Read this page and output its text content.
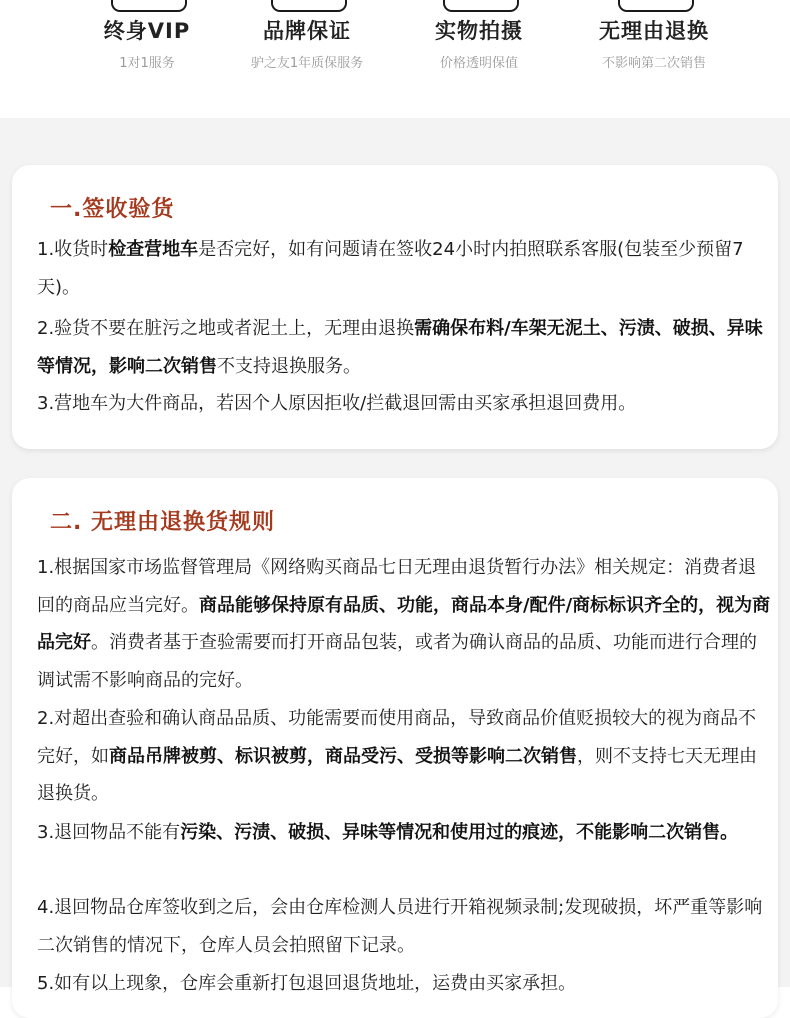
终身VIP
1对1服务
品牌保证
驴之友1年质保服务
实物拍摄
价格透明保值
无理由退换
不影响第二次销售
一.签收验货
1.收货时检查营地车是否完好，如有问题请在签收24小时内拍照联系客服(包装至少预留7天)。
2.验货不要在脏污之地或者泥土上，无理由退换需确保布料/车架无泥土、污渍、破损、异味等情况，影响二次销售不支持退换服务。
3.营地车为大件商品，若因个人原因拒收/拦截退回需由买家承担退回费用。
二. 无理由退换货规则
1.根据国家市场监督管理局《网络购买商品七日无理由退货暂行办法》相关规定：消费者退回的商品应当完好。商品能够保持原有品质、功能，商品本身/配件/商标标识齐全的，视为商品完好。消费者基于查验需要而打开商品包装，或者为确认商品的品质、功能而进行合理的调试需不影响商品的完好。
2.对超出查验和确认商品品质、功能需要而使用商品，导致商品价值贬损较大的视为商品不完好，如商品吊牌被剪、标识被剪，商品受污、受损等影响二次销售，则不支持七天无理由退换货。
3.退回物品不能有污染、污渍、破损、异味等情况和使用过的痕迹，不能影响二次销售。
4.退回物品仓库签收到之后，会由仓库检测人员进行开箱视频录制;发现破损，坏严重等影响二次销售的情况下，仓库人员会拍照留下记录。
5.如有以上现象，仓库会重新打包退回退货地址，运费由买家承担。
